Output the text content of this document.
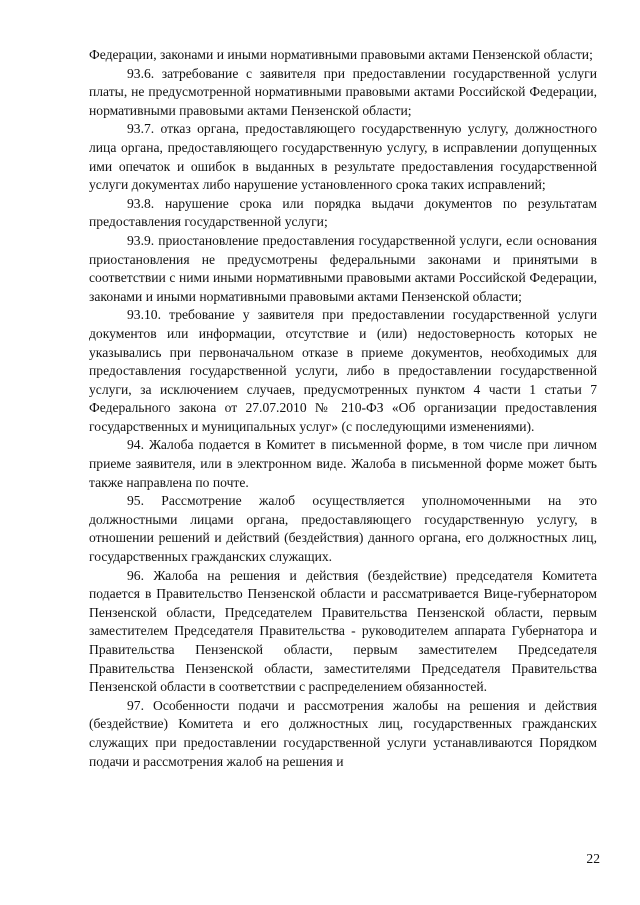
Федерации, законами и иными нормативными правовыми актами Пензенской области;

93.6. затребование с заявителя при предоставлении государственной услуги платы, не предусмотренной нормативными правовыми актами Российской Федерации, нормативными правовыми актами Пензенской области;

93.7. отказ органа, предоставляющего государственную услугу, должностного лица органа, предоставляющего государственную услугу, в исправлении допущенных ими опечаток и ошибок в выданных в результате предоставления государственной услуги документах либо нарушение установленного срока таких исправлений;

93.8. нарушение срока или порядка выдачи документов по результатам предоставления государственной услуги;

93.9. приостановление предоставления государственной услуги, если основания приостановления не предусмотрены федеральными законами и принятыми в соответствии с ними иными нормативными правовыми актами Российской Федерации, законами и иными нормативными правовыми актами Пензенской области;

93.10. требование у заявителя при предоставлении государственной услуги документов или информации, отсутствие и (или) недостоверность которых не указывались при первоначальном отказе в приеме документов, необходимых для предоставления государственной услуги, либо в предоставлении государственной услуги, за исключением случаев, предусмотренных пунктом 4 части 1 статьи 7 Федерального закона от 27.07.2010 № 210-ФЗ «Об организации предоставления государственных и муниципальных услуг» (с последующими изменениями).

94. Жалоба подается в Комитет в письменной форме, в том числе при личном приеме заявителя, или в электронном виде. Жалоба в письменной форме может быть также направлена по почте.

95. Рассмотрение жалоб осуществляется уполномоченными на это должностными лицами органа, предоставляющего государственную услугу, в отношении решений и действий (бездействия) данного органа, его должностных лиц, государственных гражданских служащих.

96. Жалоба на решения и действия (бездействие) председателя Комитета подается в Правительство Пензенской области и рассматривается Вице-губернатором Пензенской области, Председателем Правительства Пензенской области, первым заместителем Председателя Правительства - руководителем аппарата Губернатора и Правительства Пензенской области, первым заместителем Председателя Правительства Пензенской области, заместителями Председателя Правительства Пензенской области в соответствии с распределением обязанностей.

97. Особенности подачи и рассмотрения жалобы на решения и действия (бездействие) Комитета и его должностных лиц, государственных гражданских служащих при предоставлении государственной услуги устанавливаются Порядком подачи и рассмотрения жалоб на решения и

22
